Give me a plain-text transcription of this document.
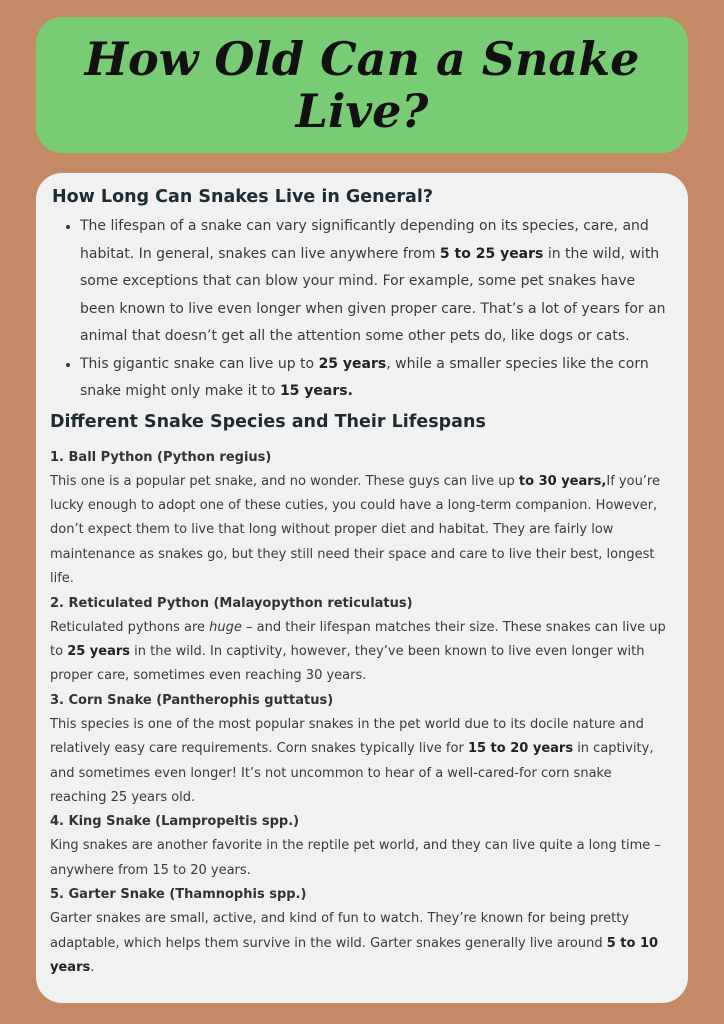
How Old Can a Snake Live?
How Long Can Snakes Live in General?
• The lifespan of a snake can vary significantly depending on its species, care, and habitat. In general, snakes can live anywhere from 5 to 25 years in the wild, with some exceptions that can blow your mind. For example, some pet snakes have been known to live even longer when given proper care. That’s a lot of years for an animal that doesn’t get all the attention some other pets do, like dogs or cats.
• This gigantic snake can live up to 25 years, while a smaller species like the corn snake might only make it to 15 years.
Different Snake Species and Their Lifespans
1. Ball Python (Python regius)
This one is a popular pet snake, and no wonder. These guys can live up to 30 years,If you’re lucky enough to adopt one of these cuties, you could have a long-term companion. However, don’t expect them to live that long without proper diet and habitat. They are fairly low maintenance as snakes go, but they still need their space and care to live their best, longest life.
2. Reticulated Python (Malayopython reticulatus)
Reticulated pythons are huge – and their lifespan matches their size. These snakes can live up to 25 years in the wild. In captivity, however, they’ve been known to live even longer with proper care, sometimes even reaching 30 years.
3. Corn Snake (Pantherophis guttatus)
This species is one of the most popular snakes in the pet world due to its docile nature and relatively easy care requirements. Corn snakes typically live for 15 to 20 years in captivity, and sometimes even longer! It’s not uncommon to hear of a well-cared-for corn snake reaching 25 years old.
4. King Snake (Lampropeltis spp.)
King snakes are another favorite in the reptile pet world, and they can live quite a long time – anywhere from 15 to 20 years.
5. Garter Snake (Thamnophis spp.)
Garter snakes are small, active, and kind of fun to watch. They’re known for being pretty adaptable, which helps them survive in the wild. Garter snakes generally live around 5 to 10 years.
